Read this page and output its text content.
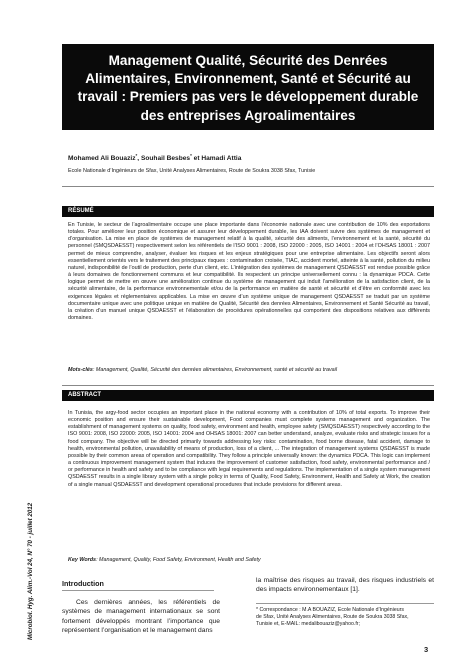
Microbiol. Hyg. Alim.-Vol 24, N° 70 - juillet 2012
Management Qualité, Sécurité des Denrées Alimentaires, Environnement, Santé et Sécurité au travail : Premiers pas vers le développement durable des entreprises Agroalimentaires
Mohamed Ali Bouaziz*, Souhail Besbes* et Hamadi Attia
Ecole Nationale d’Ingénieurs de Sfax, Unité Analyses Alimentaires, Route de Soukra 3038 Sfax, Tunisie
RÉSUMÉ
En Tunisie, le secteur de l’agroalimentaire occupe une place importante dans l’économie nationale avec une contribution de 10% des exportations totales. Pour améliorer leur position économique et assurer leur développement durable, les IAA doivent suivre des systèmes de management et d’organisation. La mise en place de systèmes de management relatif à la qualité, sécurité des aliments, l’environnement et la santé, sécurité du personnel (SMQSDAESST) respectivement selon les référentiels de l’ISO 9001 : 2008, ISO 22000 : 2005, ISO 14001 : 2004 et l’OHSAS 18001 : 2007 permet de mieux comprendre, analyser, évaluer les risques et les enjeux stratégiques pour une entreprise alimentaire. Les objectifs seront alors essentiellement orientés vers le traitement des principaux risques : contamination croisée, TIAC, accident mortel, atteinte à la santé, pollution du milieu naturel, indisponibilité de l’outil de production, perte d’un client, etc. L’intégration des systèmes de management QSDAESST est rendue possible grâce à leurs domaines de fonctionnement communs et leur compatibilité. Ils respectent un principe universellement connu : la dynamique PDCA. Cette logique permet de mettre en œuvre une amélioration continue du système de management qui induit l’amélioration de la satisfaction client, de la sécurité alimentaire, de la performance environnementale et/ou de la performance en matière de santé et sécurité et d’être en conformité avec les exigences légales et réglementaires applicables. La mise en œuvre d’un système unique de management QSDAESST se traduit par un système documentaire unique avec une politique unique en matière de Qualité, Sécurité des denrées Alimentaires, Environnement et Santé Sécurité au travail, la création d’un manuel unique QSDAESST et l’élaboration de procédures opérationnelles qui comportent des dispositions relatives aux différents domaines.
Mots-clés: Management, Qualité, Sécurité des denrées alimentaires, Environnement, santé et sécurité au travail
ABSTRACT
In Tunisia, the argy-food sector occupies an important place in the national economy with a contribution of 10% of total exports. To improve their economic position and ensure their sustainable development, Food companies must complete systems management and organization. The establishment of management systems on quality, food safety, environment and health, employee safety (SMQSDAESST) respectively according to the ISO 9001: 2008, ISO 22000: 2005, ISO 14001: 2004 and OHSAS 18001: 2007 can better understand, analyze, evaluate risks and strategic issues for a food company. The objective will be directed primarily towards addressing key risks: contamination, food borne disease, fatal accident, damage to health, environmental pollution, unavailability of means of production, loss of a client, ... The integration of management systems QSDAESST is made possible by their common areas of operation and compatibility. They follow a principle universally known: the dynamics PDCA. This logic can implement a continuous improvement management system that induces the improvement of customer satisfaction, food safety, environmental performance and / or performance in health and safety and to be compliance with legal requirements and regulations. The implementation of a single system management QSDAESST results in a single library system with a single policy in terms of Quality, Food Safety, Environment, Health and Safety at Work, the creation of a single manual QSDAESST and development operational procedures that include provisions for different areas.
Key Words: Management, Quality, Food Safety, Environment, Health and Safety
Introduction
Ces dernières années, les référentiels de systèmes de management internationaux se sont fortement développés montrant l’importance que représentent l’organisation et le management dans
la maîtrise des risques au travail, des risques industriels et des impacts environnementaux [1].
* Correspondance : M.A BOUAZIZ, Ecole Nationale d’Ingénieurs
de Sfax, Unité Analyses Alimentaires, Route de Soukra 3038 Sfax,
Tunisie et, E-MAIL: medalibouaziz@yahoo.fr;
3
